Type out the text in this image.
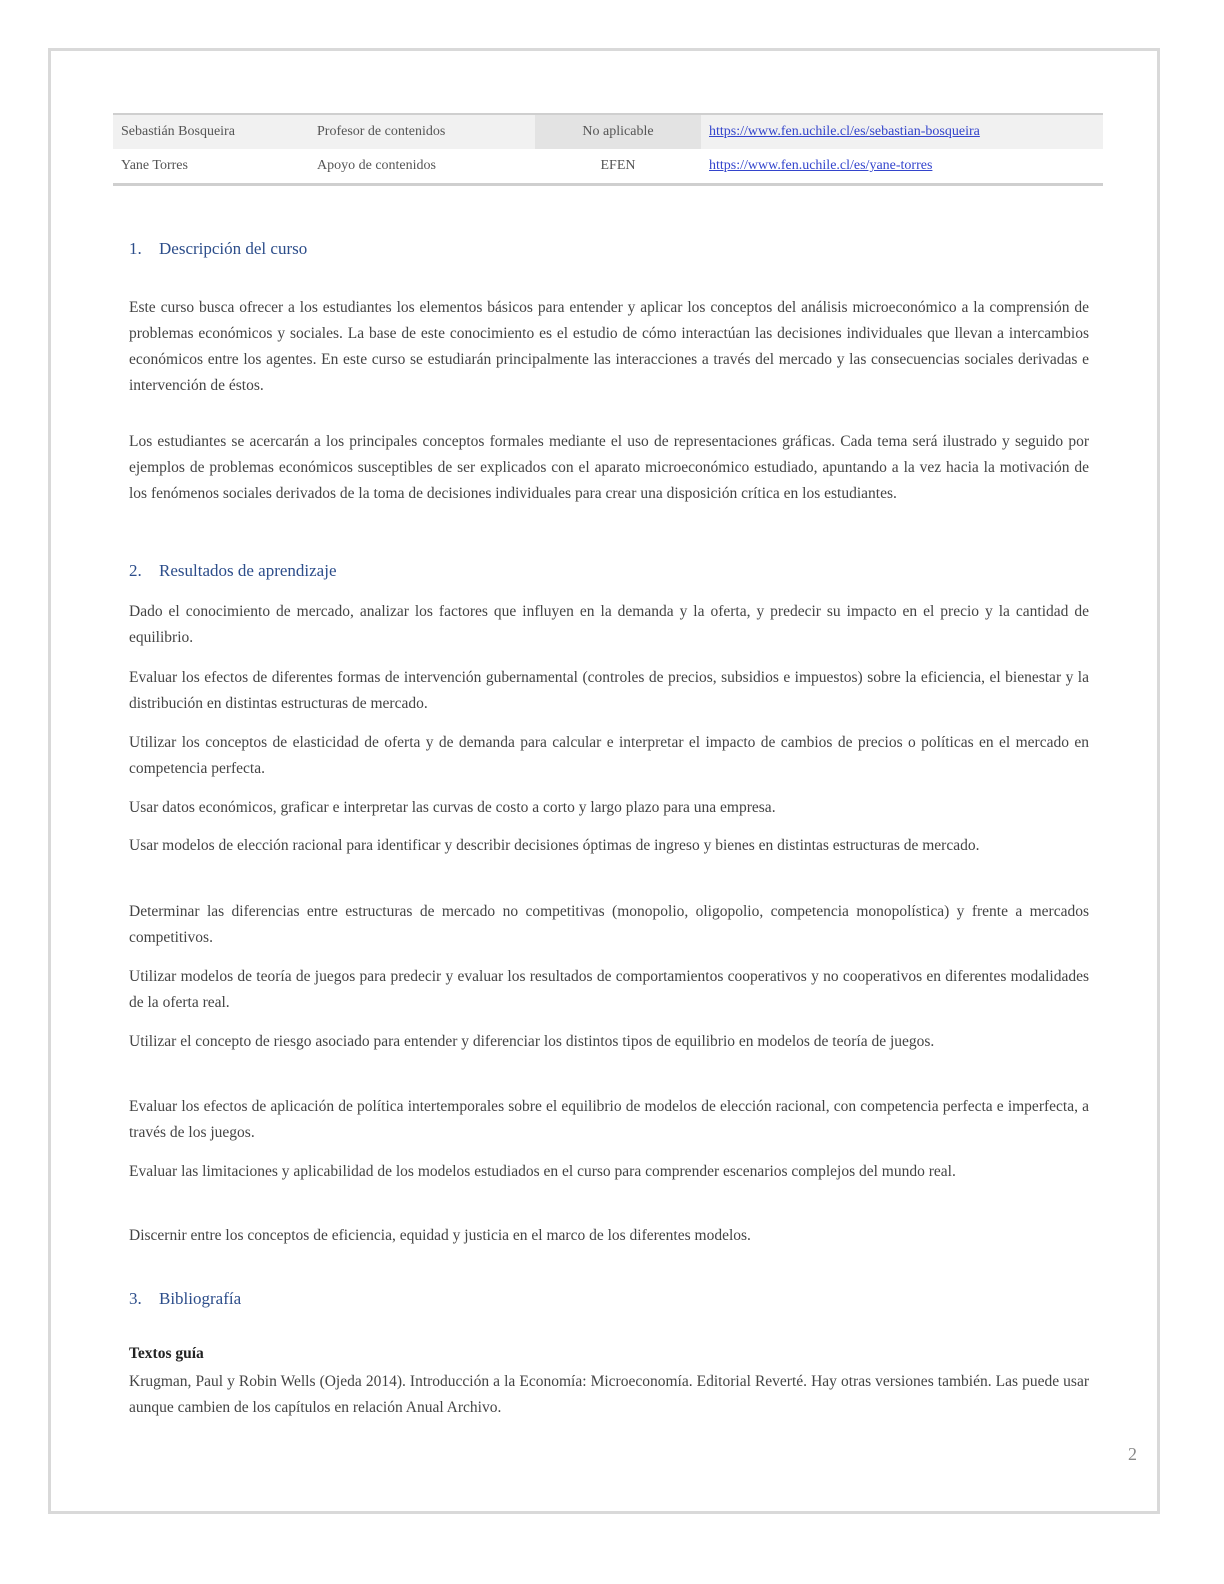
Sebastián Bosqueira	Profesor de contenidos	No aplicable	https://www.fen.uchile.cl/es/sebastian-bosqueira
Yane Torres	Apoyo de contenidos	EFEN	https://www.fen.uchile.cl/es/yane-torres
1. Descripción del curso

Este curso busca ofrecer a los estudiantes los elementos básicos para entender y aplicar los conceptos del análisis microeconómico a la comprensión de problemas económicos y sociales. La base de este conocimiento es el estudio de cómo interactúan las decisiones individuales que llevan a intercambios económicos entre los agentes. En este curso se estudiarán principalmente las interacciones a través del mercado y las consecuencias sociales derivadas e intervención de éstos.

Los estudiantes se acercarán a los principales conceptos formales mediante el uso de representaciones gráficas. Cada tema será ilustrado y seguido por ejemplos de problemas económicos susceptibles de ser explicados con el aparato microeconómico estudiado, apuntando a la vez hacia la motivación de los fenómenos sociales derivados de la toma de decisiones individuales para crear una disposición crítica en los estudiantes.

2. Resultados de aprendizaje

Dado el conocimiento de mercado, analizar los factores que influyen en la demanda y la oferta, y predecir su impacto en el precio y la cantidad de equilibrio.

Evaluar los efectos de diferentes formas de intervención gubernamental (controles de precios, subsidios e impuestos) sobre la eficiencia, el bienestar y la distribución en distintas estructuras de mercado.

Utilizar los conceptos de elasticidad de oferta y de demanda para calcular e interpretar el impacto de cambios de precios o políticas en el mercado en competencia perfecta.

Usar datos económicos, graficar e interpretar las curvas de costo a corto y largo plazo para una empresa.

Usar modelos de elección racional para identificar y describir decisiones óptimas de ingreso y bienes en distintas estructuras de mercado.

Determinar las diferencias entre estructuras de mercado no competitivas (monopolio, oligopolio, competencia monopolística) y frente a mercados competitivos.

Utilizar modelos de teoría de juegos para predecir y evaluar los resultados de comportamientos cooperativos y no cooperativos en diferentes modalidades de la oferta real.

Utilizar el concepto de riesgo asociado para entender y diferenciar los distintos tipos de equilibrio en modelos de teoría de juegos.

Evaluar los efectos de aplicación de política intertemporales sobre el equilibrio de modelos de elección racional, con competencia perfecta e imperfecta, a través de los juegos.

Evaluar las limitaciones y aplicabilidad de los modelos estudiados en el curso para comprender escenarios complejos del mundo real.

Discernir entre los conceptos de eficiencia, equidad y justicia en el marco de los diferentes modelos.

3. Bibliografía
Textos guía

Krugman, Paul y Robin Wells (Ojeda 2014). Introducción a la Economía: Microeconomía. Editorial Reverté. Hay otras versiones también. Las puede usar aunque cambien de los capítulos en relación Anual Archivo.

2
